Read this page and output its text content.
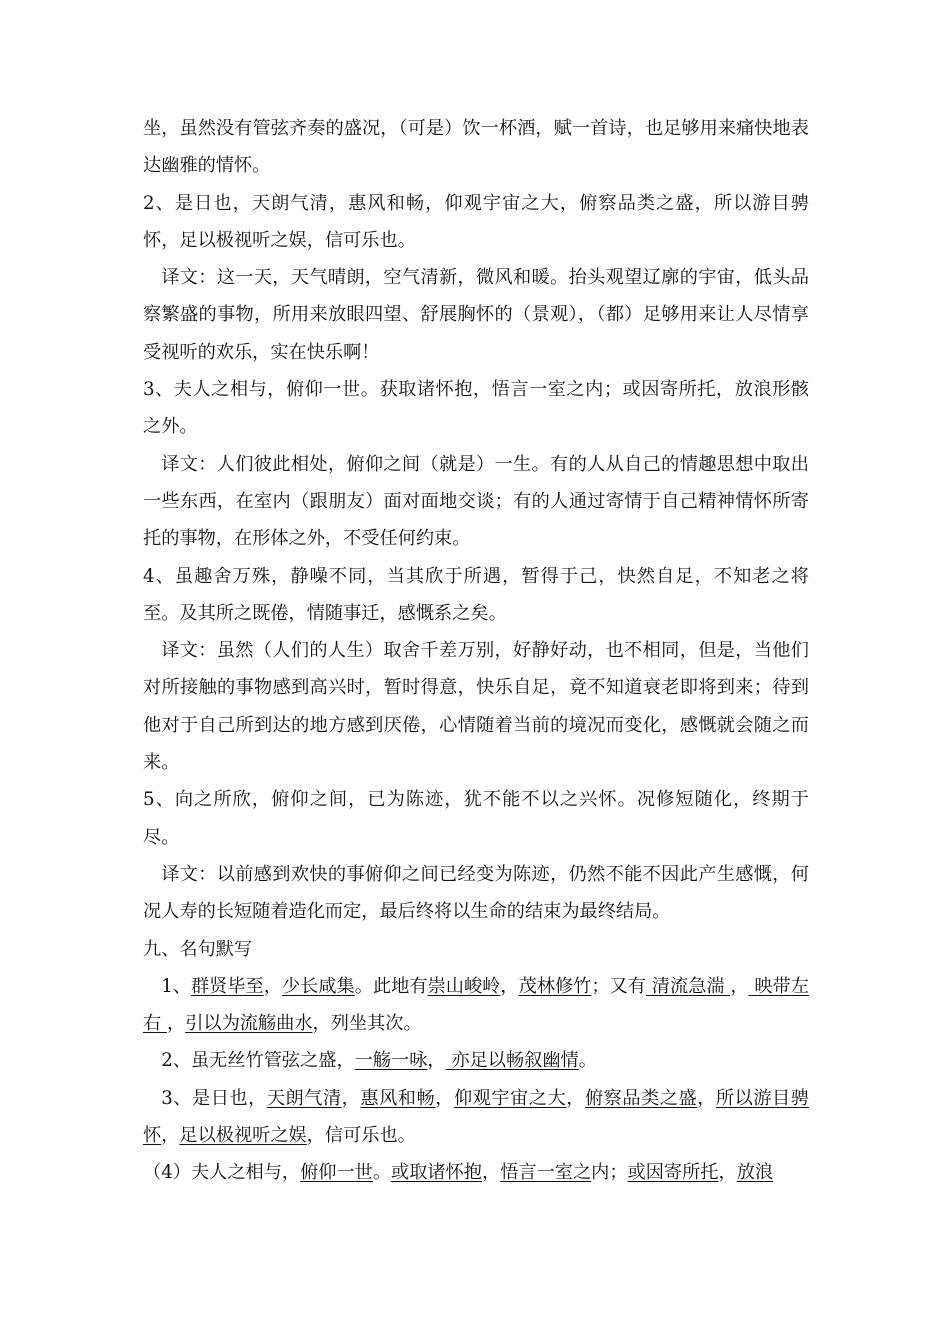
坐，虽然没有管弦齐奏的盛况，（可是）饮一杯酒，赋一首诗，也足够用来痛快地表达幽雅的情怀。

2、是日也，天朗气清，惠风和畅，仰观宇宙之大，俯察品类之盛，所以游目骋怀，足以极视听之娱，信可乐也。

译文：这一天，天气晴朗，空气清新，微风和暖。抬头观望辽廓的宇宙，低头品察繁盛的事物，所用来放眼四望、舒展胸怀的（景观），（都）足够用来让人尽情享受视听的欢乐，实在快乐啊！

3、夫人之相与，俯仰一世。获取诸怀抱，悟言一室之内；或因寄所托，放浪形骸之外。

译文：人们彼此相处，俯仰之间（就是）一生。有的人从自己的情趣思想中取出一些东西，在室内（跟朋友）面对面地交谈；有的人通过寄情于自己精神情怀所寄托的事物，在形体之外，不受任何约束。

4、虽趣舍万殊，静噪不同，当其欣于所遇，暂得于己，快然自足，不知老之将至。及其所之既倦，情随事迁，感慨系之矣。

译文：虽然（人们的人生）取舍千差万别，好静好动，也不相同，但是，当他们对所接触的事物感到高兴时，暂时得意，快乐自足，竟不知道衰老即将到来；待到他对于自己所到达的地方感到厌倦，心情随着当前的境况而变化，感慨就会随之而来。

5、向之所欣，俯仰之间，已为陈迹，犹不能不以之兴怀。况修短随化，终期于尽。

译文：以前感到欢快的事俯仰之间已经变为陈迹，仍然不能不因此产生感慨，何况人寿的长短随着造化而定，最后终将以生命的结束为最终结局。

九、名句默写

1、群贤毕至，少长咸集。此地有崇山峻岭，茂林修竹；又有 清流急湍 ， 映带左右 ，引以为流觞曲水，列坐其次。

2、虽无丝竹管弦之盛，一觞一咏， 亦足以畅叙幽情。

3、是日也，天朗气清，惠风和畅，仰观宇宙之大，俯察品类之盛，所以游目骋怀，足以极视听之娱，信可乐也。

（4）夫人之相与，俯仰一世。或取诸怀抱，悟言一室之内；或因寄所托，放浪
